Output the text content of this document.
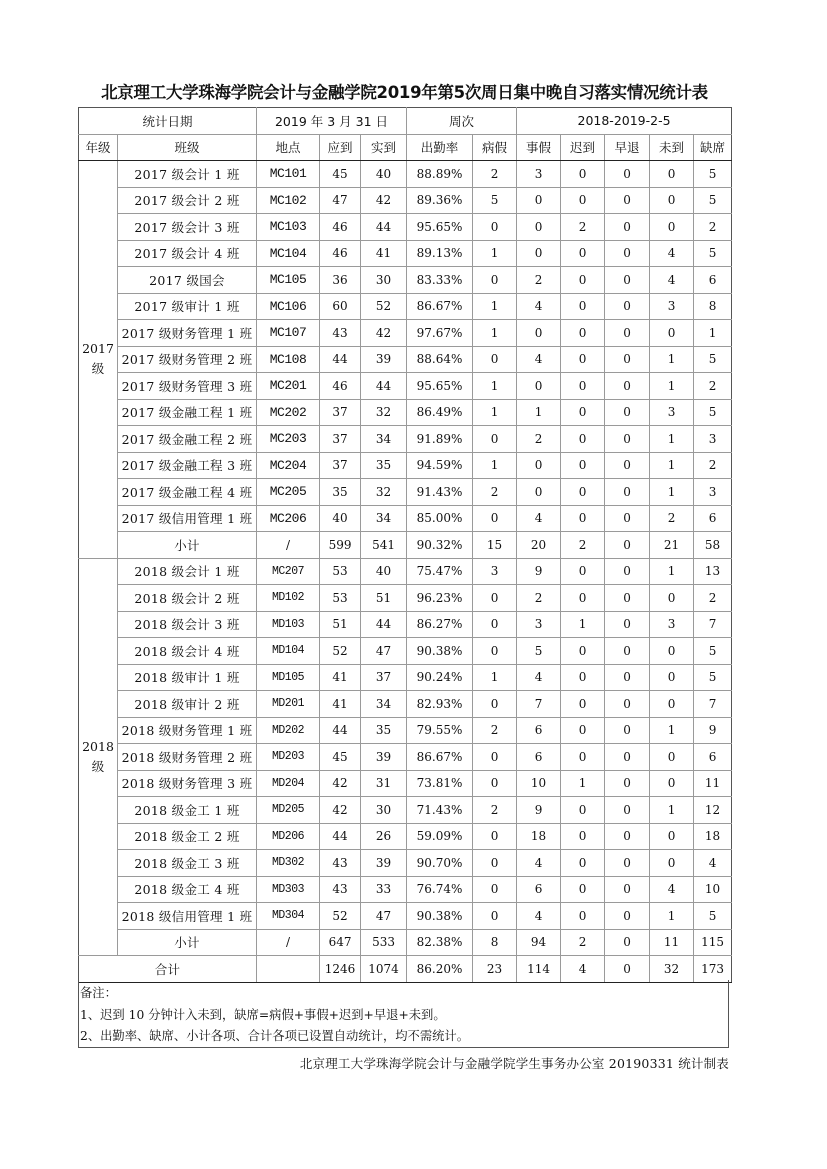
北京理工大学珠海学院会计与金融学院2019年第5次周日集中晚自习落实情况统计表
统计日期		2019 年 3 月 31 日			周次		2018-2019-2-5				
年级	班级	地点	应到	实到	出勤率	病假	事假	迟到	早退	未到	缺席

2017
级	2017 级会计 1 班	MC101	45	40	88.89%	2	3	0	0	0	5
	2017 级会计 2 班	MC102	47	42	89.36%	5	0	0	0	0	5
	2017 级会计 3 班	MC103	46	44	95.65%	0	0	2	0	0	2
	2017 级会计 4 班	MC104	46	41	89.13%	1	0	0	0	4	5
	2017 级国会	MC105	36	30	83.33%	0	2	0	0	4	6
	2017 级审计 1 班	MC106	60	52	86.67%	1	4	0	0	3	8
	2017 级财务管理 1 班	MC107	43	42	97.67%	1	0	0	0	0	1
	2017 级财务管理 2 班	MC108	44	39	88.64%	0	4	0	0	1	5
	2017 级财务管理 3 班	MC201	46	44	95.65%	1	0	0	0	1	2
	2017 级金融工程 1 班	MC202	37	32	86.49%	1	1	0	0	3	5
	2017 级金融工程 2 班	MC203	37	34	91.89%	0	2	0	0	1	3
	2017 级金融工程 3 班	MC204	37	35	94.59%	1	0	0	0	1	2
	2017 级金融工程 4 班	MC205	35	32	91.43%	2	0	0	0	1	3
	2017 级信用管理 1 班	MC206	40	34	85.00%	0	4	0	0	2	6
	小计	/	599	541	90.32%	15	20	2	0	21	58

2018
级	2018 级会计 1 班	MC207	53	40	75.47%	3	9	0	0	1	13
	2018 级会计 2 班	MD102	53	51	96.23%	0	2	0	0	0	2
	2018 级会计 3 班	MD103	51	44	86.27%	0	3	1	0	3	7
	2018 级会计 4 班	MD104	52	47	90.38%	0	5	0	0	0	5
	2018 级审计 1 班	MD105	41	37	90.24%	1	4	0	0	0	5
	2018 级审计 2 班	MD201	41	34	82.93%	0	7	0	0	0	7
	2018 级财务管理 1 班	MD202	44	35	79.55%	2	6	0	0	1	9
	2018 级财务管理 2 班	MD203	45	39	86.67%	0	6	0	0	0	6
	2018 级财务管理 3 班	MD204	42	31	73.81%	0	10	1	0	0	11
	2018 级金工 1 班	MD205	42	30	71.43%	2	9	0	0	1	12
	2018 级金工 2 班	MD206	44	26	59.09%	0	18	0	0	0	18
	2018 级金工 3 班	MD302	43	39	90.70%	0	4	0	0	0	4
	2018 级金工 4 班	MD303	43	33	76.74%	0	6	0	0	4	10
	2018 级信用管理 1 班	MD304	52	47	90.38%	0	4	0	0	1	5
	小计	/	647	533	82.38%	8	94	2	0	11	115
合计			1246	1074	86.20%	23	114	4	0	32	173
备注：
1、迟到 10 分钟计入未到，缺席=病假+事假+迟到+早退+未到。
2、出勤率、缺席、小计各项、合计各项已设置自动统计，均不需统计。
北京理工大学珠海学院会计与金融学院学生事务办公室 20190331 统计制表
